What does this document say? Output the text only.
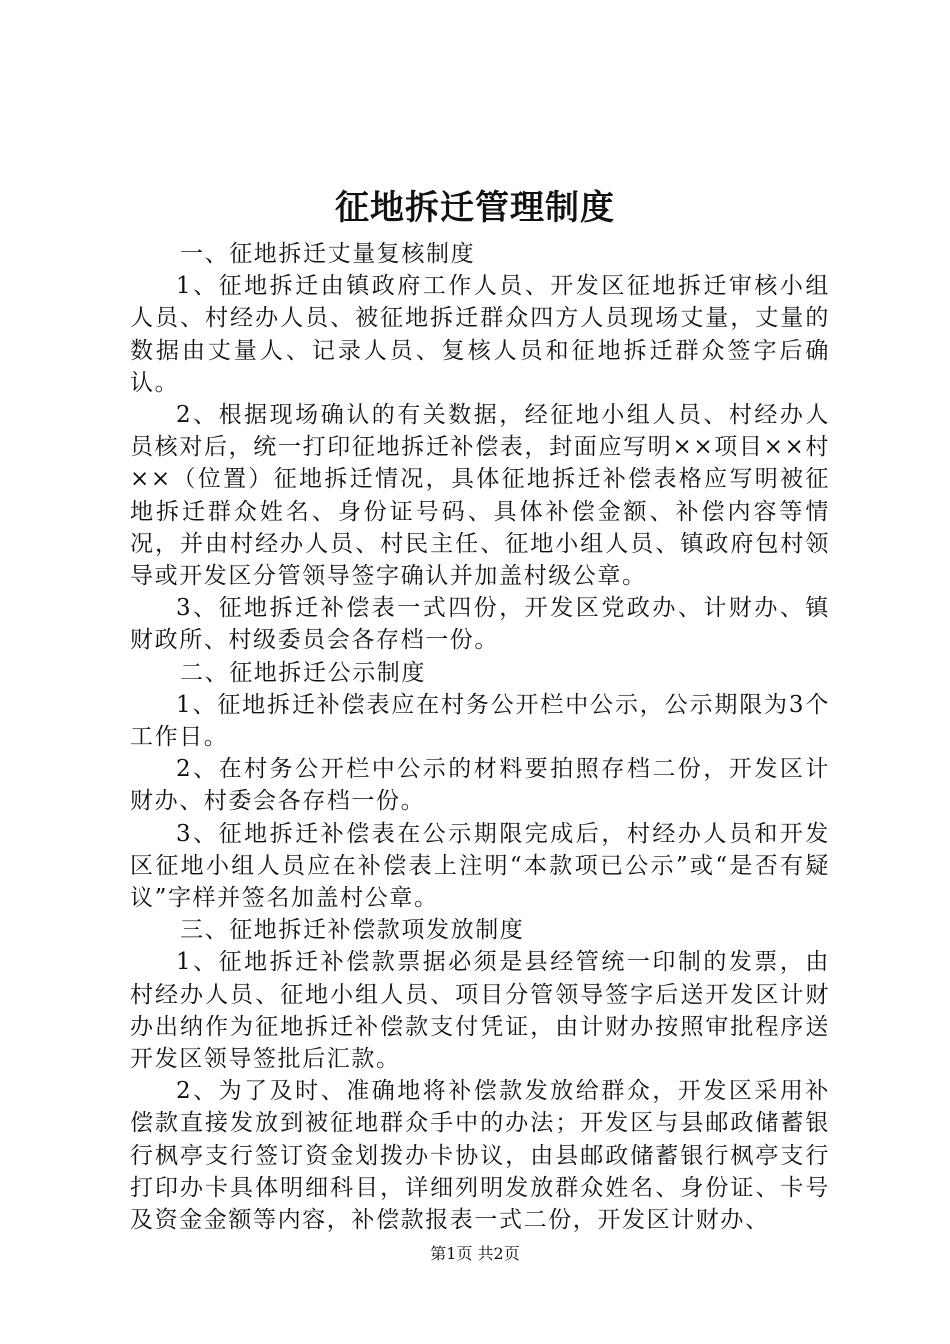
征地拆迁管理制度

一、征地拆迁丈量复核制度

1、征地拆迁由镇政府工作人员、开发区征地拆迁审核小组人员、村经办人员、被征地拆迁群众四方人员现场丈量，丈量的数据由丈量人、记录人员、复核人员和征地拆迁群众签字后确认。

2、根据现场确认的有关数据，经征地小组人员、村经办人员核对后，统一打印征地拆迁补偿表，封面应写明××项目××村××（位置）征地拆迁情况，具体征地拆迁补偿表格应写明被征地拆迁群众姓名、身份证号码、具体补偿金额、补偿内容等情况，并由村经办人员、村民主任、征地小组人员、镇政府包村领导或开发区分管领导签字确认并加盖村级公章。

3、征地拆迁补偿表一式四份，开发区党政办、计财办、镇财政所、村级委员会各存档一份。

二、征地拆迁公示制度

1、征地拆迁补偿表应在村务公开栏中公示，公示期限为3个工作日。

2、在村务公开栏中公示的材料要拍照存档二份，开发区计财办、村委会各存档一份。

3、征地拆迁补偿表在公示期限完成后，村经办人员和开发区征地小组人员应在补偿表上注明“本款项已公示”或“是否有疑议”字样并签名加盖村公章。

三、征地拆迁补偿款项发放制度

1、征地拆迁补偿款票据必须是县经管统一印制的发票，由村经办人员、征地小组人员、项目分管领导签字后送开发区计财办出纳作为征地拆迁补偿款支付凭证，由计财办按照审批程序送开发区领导签批后汇款。

2、为了及时、准确地将补偿款发放给群众，开发区采用补偿款直接发放到被征地群众手中的办法；开发区与县邮政储蓄银行枫亭支行签订资金划拨办卡协议，由县邮政储蓄银行枫亭支行打印办卡具体明细科目，详细列明发放群众姓名、身份证、卡号及资金金额等内容，补偿款报表一式二份，开发区计财办、

第1页 共2页
